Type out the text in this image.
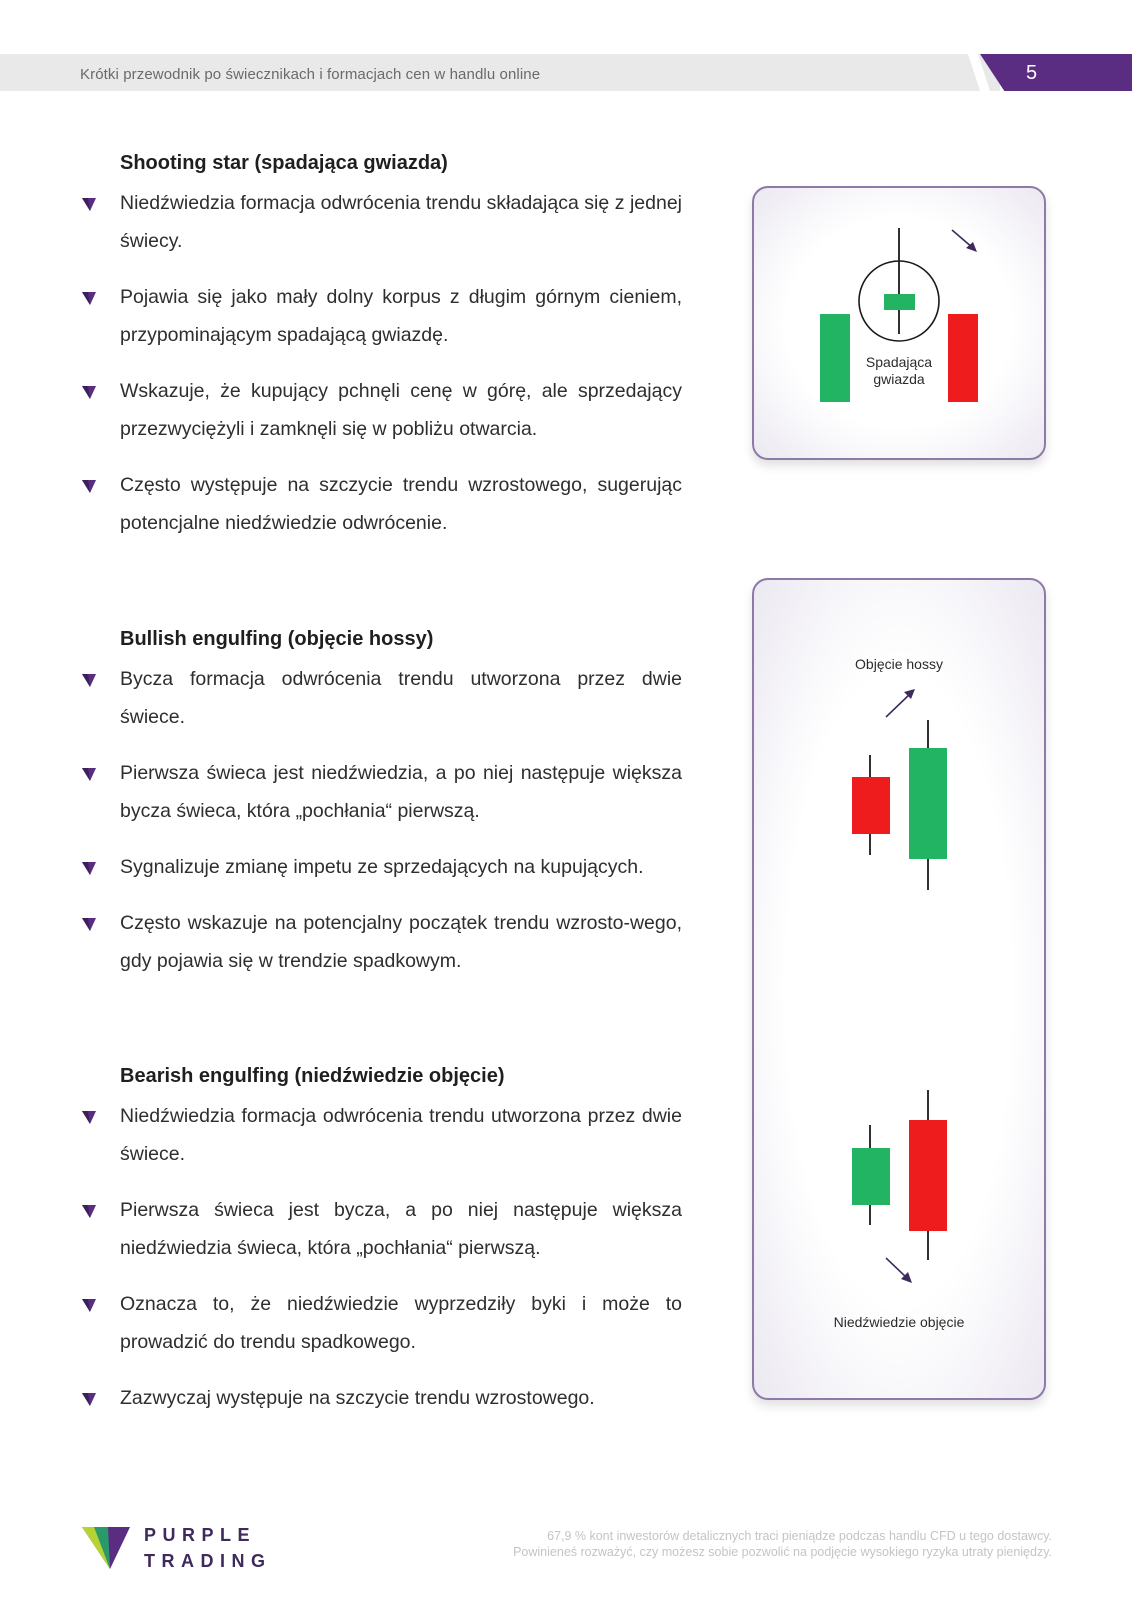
Krótki przewodnik po świecznikach i formacjach cen w handlu online	5
Shooting star (spadająca gwiazda)
Niedźwiedzia formacja odwrócenia trendu składająca się z jednej świecy.
Pojawia się jako mały dolny korpus z długim górnym cieniem, przypominającym spadającą gwiazdę.
Wskazuje, że kupujący pchnęli cenę w górę, ale sprzedający przezwyciężyli i zamknęli się w pobliżu otwarcia.
Często występuje na szczycie trendu wzrostowego, sugerując potencjalne niedźwiedzie odwrócenie.
Bullish engulfing (objęcie hossy)
Bycza formacja odwrócenia trendu utworzona przez dwie świece.
Pierwsza świeca jest niedźwiedzia, a po niej następuje większa bycza świeca, która „pochłania“ pierwszą.
Sygnalizuje zmianę impetu ze sprzedających na kupujących.
Często wskazuje na potencjalny początek trendu wzrosto-wego, gdy pojawia się w trendzie spadkowym.
Bearish engulfing (niedźwiedzie objęcie)
Niedźwiedzia formacja odwrócenia trendu utworzona przez dwie świece.
Pierwsza świeca jest bycza, a po niej następuje większa niedźwiedzia świeca, która „pochłania“ pierwszą.
Oznacza to, że niedźwiedzie wyprzedziły byki i może to prowadzić do trendu spadkowego.
Zazwyczaj występuje na szczycie trendu wzrostowego.
Spadająca
gwiazda
Objęcie hossy
Niedźwiedzie objęcie
PURPLE
TRADING
67,9 % kont inwestorów detalicznych traci pieniądze podczas handlu CFD u tego dostawcy.
Powinieneś rozważyć, czy możesz sobie pozwolić na podjęcie wysokiego ryzyka utraty pieniędzy.
